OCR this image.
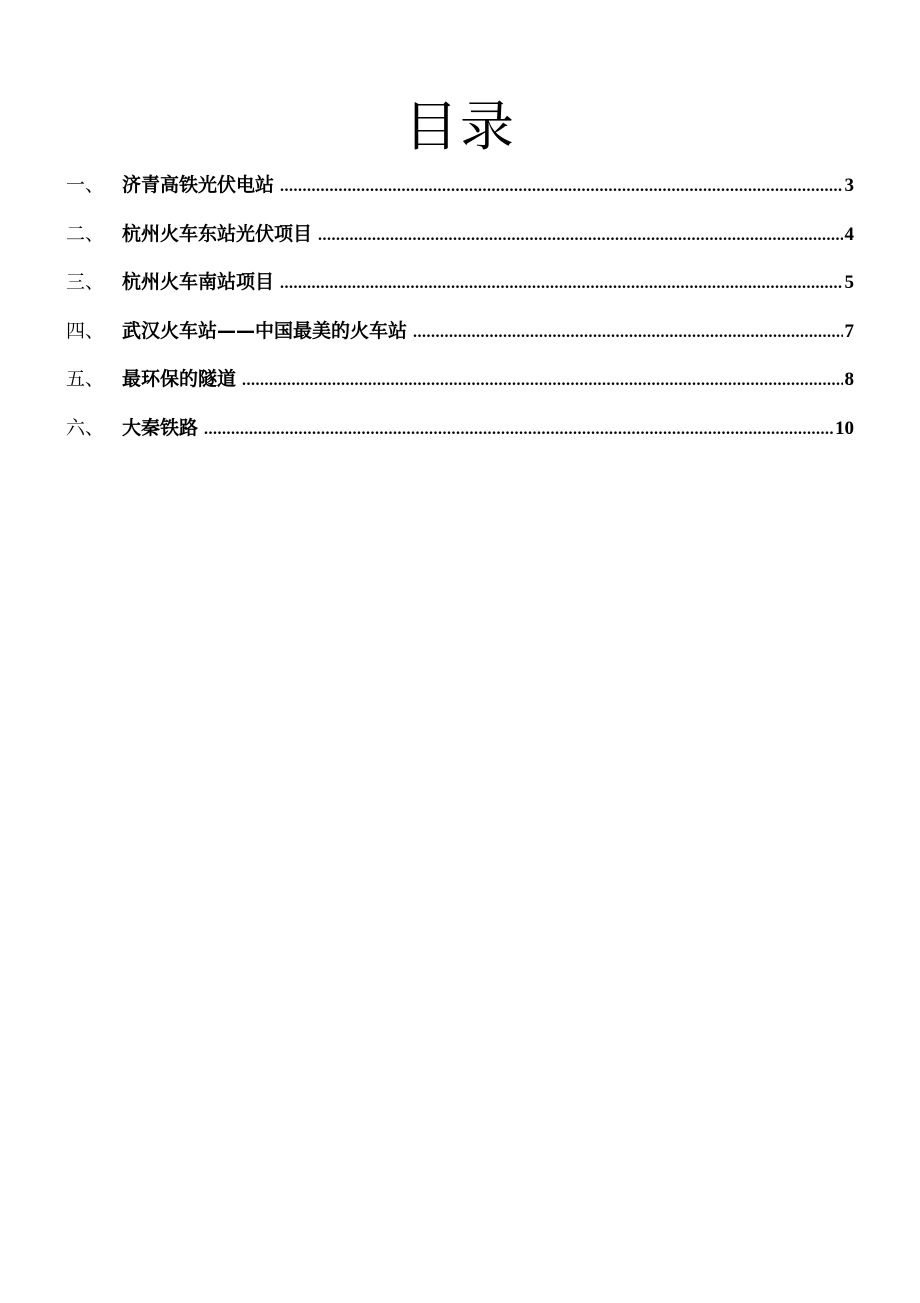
目录
一、 济青高铁光伏电站 .....	3
二、 杭州火车东站光伏项目 .....	4
三、 杭州火车南站项目 .....	5
四、 武汉火车站——中国最美的火车站 .....	7
五、 最环保的隧道 .....	8
六、 大秦铁路 .....	10
